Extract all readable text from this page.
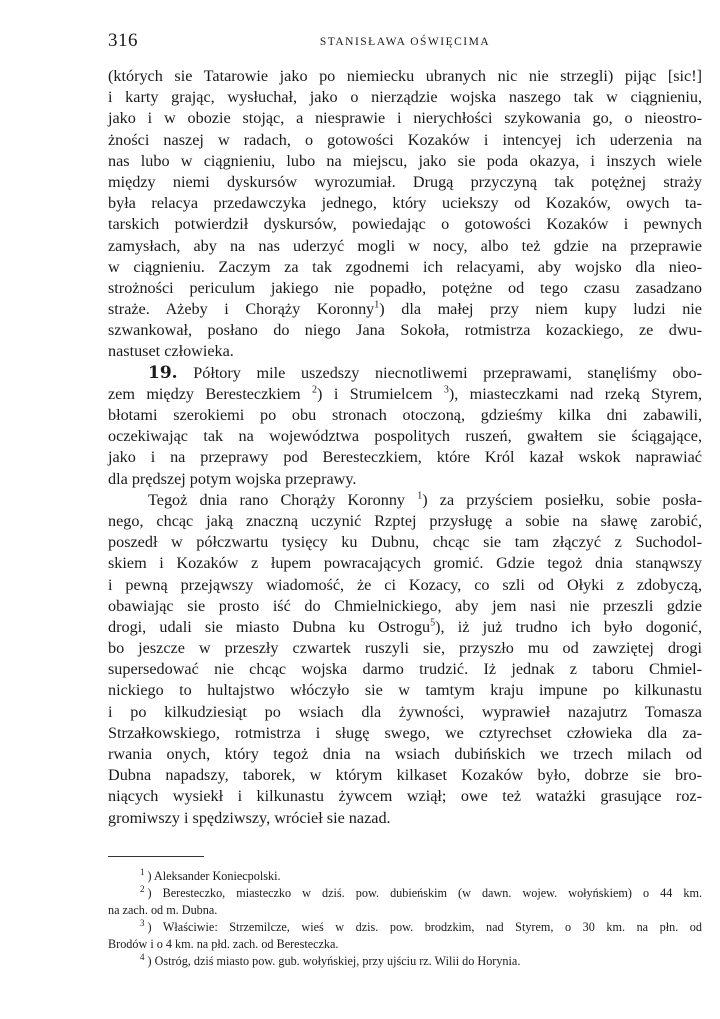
316	STANISŁAWA OŚWIĘCIMA
(których sie Tatarowie jako po niemiecku ubranych nic nie strzegli) pijąc [sic!]
i karty grając, wysłuchał, jako o nierządzie wojska naszego tak w ciągnieniu,
jako i w obozie stojąc, a niesprawie i nierychłości szykowania go, o nieostro-
żności naszej w radach, o gotowości Kozaków i intencyej ich uderzenia na
nas lubo w ciągnieniu, lubo na miejscu, jako sie poda okazya, i inszych wiele
między niemi dyskursów wyrozumiał. Drugą przyczyną tak potężnej straży
była relacya przedawczyka jednego, który uciekszy od Kozaków, owych ta-
tarskich potwierdził dyskursów, powiedając o gotowości Kozaków i pewnych
zamysłach, aby na nas uderzyć mogli w nocy, albo też gdzie na przeprawie
w ciągnieniu. Zaczym za tak zgodnemi ich relacyami, aby wojsko dla nieo-
strożności periculum jakiego nie popadło, potężne od tego czasu zasadzano
straże. Ażeby i Chorąży Koronny$^1$) dla małej przy niem kupy ludzi nie
szwankował, posłano do niego Jana Sokoła, rotmistrza kozackiego, ze dwu-
nastuset człowieka.
19. Półtory mile uszedszy niecnotliwemi przeprawami, stanęliśmy obo-
zem między Beresteczkiem $^2$) i Strumielcem $^3$), miasteczkami nad rzeką Styrem,
błotami szerokiemi po obu stronach otoczoną, gdzieśmy kilka dni zabawili,
oczekiwając tak na województwa pospolitych ruszeń, gwałtem sie ściągające,
jako i na przeprawy pod Beresteczkiem, które Król kazał wskok naprawiać
dla prędszej potym wojska przeprawy.
Tegoż dnia rano Chorąży Koronny $^1$) za przyściem posiełku, sobie posła-
nego, chcąc jaką znaczną uczynić Rzptej przysługę a sobie na sławę zarobić,
poszedł w półczwartu tysięcy ku Dubnu, chcąc sie tam złączyć z Suchodol-
skiem i Kozaków z łupem powracających gromić. Gdzie tegoż dnia stanąwszy
i pewną przejąwszy wiadomość, że ci Kozacy, co szli od Ołyki z zdobyczą,
obawiając sie prosto iść do Chmielnickiego, aby jem nasi nie przeszli gdzie
drogi, udali sie miasto Dubna ku Ostrogu$^5$), iż już trudno ich było dogonić,
bo jeszcze w przeszły czwartek ruszyli sie, przyszło mu od zawziętej drogi
supersedować nie chcąc wojska darmo trudzić. Iż jednak z taboru Chmiel-
nickiego to hultajstwo włóczyło sie w tamtym kraju impune po kilkunastu
i po kilkudziesiąt po wsiach dla żywności, wyprawieł nazajutrz Tomasza
Strzałkowskiego, rotmistrza i sługę swego, we cztyrechset człowieka dla za-
rwania onych, który tegoż dnia na wsiach dubińskich we trzech milach od
Dubna napadszy, taborek, w którym kilkaset Kozaków było, dobrze sie bro-
niących wysiekł i kilkunastu żywcem wziął; owe też watażki grasujące roz-
gromiwszy i spędziwszy, wrócieł sie nazad.
$^1$ ) Aleksander Koniecpolski.
$^2$ ) Beresteczko, miasteczko w dziś. pow. dubieńskim (w dawn. wojew. wołyńskiem) o 44 km.
na zach. od m. Dubna.
$^3$ ) Właściwie: Strzemilcze, wieś w dzis. pow. brodzkim, nad Styrem, o 30 km. na płn. od
Brodów i o 4 km. na płd. zach. od Beresteczka.
$^4$ ) Ostróg, dziś miasto pow. gub. wołyńskiej, przy ujściu rz. Wilii do Horynia.
